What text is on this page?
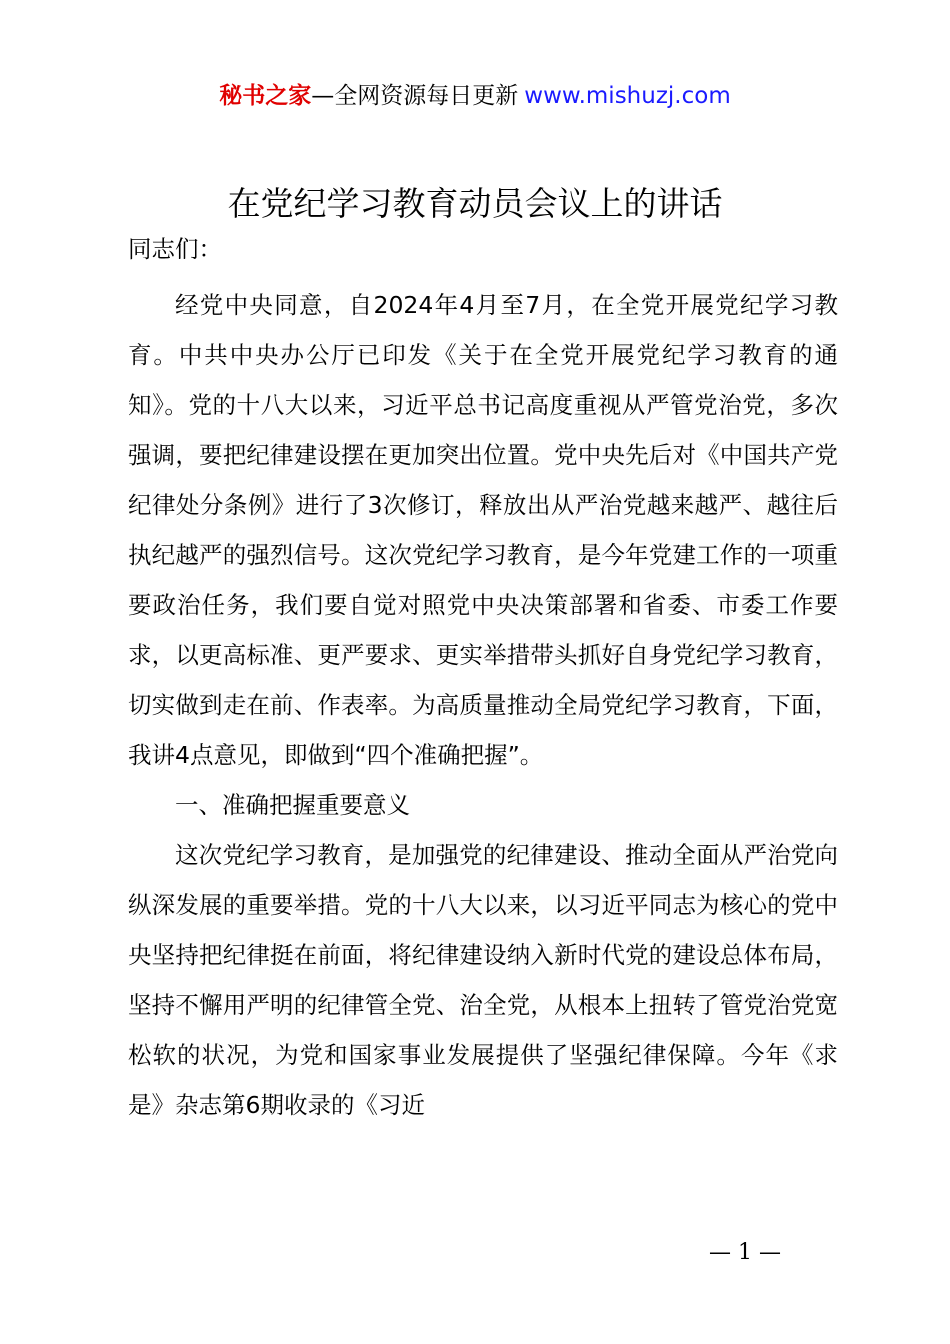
秘书之家—全网资源每日更新 www.mishuzj.com
在党纪学习教育动员会议上的讲话

同志们：

经党中央同意，自2024年4月至7月，在全党开展党纪学习教育。中共中央办公厅已印发《关于在全党开展党纪学习教育的通知》。党的十八大以来，习近平总书记高度重视从严管党治党，多次强调，要把纪律建设摆在更加突出位置。党中央先后对《中国共产党纪律处分条例》进行了3次修订，释放出从严治党越来越严、越往后执纪越严的强烈信号。这次党纪学习教育，是今年党建工作的一项重要政治任务，我们要自觉对照党中央决策部署和省委、市委工作要求，以更高标准、更严要求、更实举措带头抓好自身党纪学习教育，切实做到走在前、作表率。为高质量推动全局党纪学习教育，下面，我讲4点意见，即做到“四个准确把握”。

一、准确把握重要意义

这次党纪学习教育，是加强党的纪律建设、推动全面从严治党向纵深发展的重要举措。党的十八大以来，以习近平同志为核心的党中央坚持把纪律挺在前面，将纪律建设纳入新时代党的建设总体布局，坚持不懈用严明的纪律管全党、治全党，从根本上扭转了管党治党宽松软的状况，为党和国家事业发展提供了坚强纪律保障。今年《求是》杂志第6期收录的《习近

— 1 —
